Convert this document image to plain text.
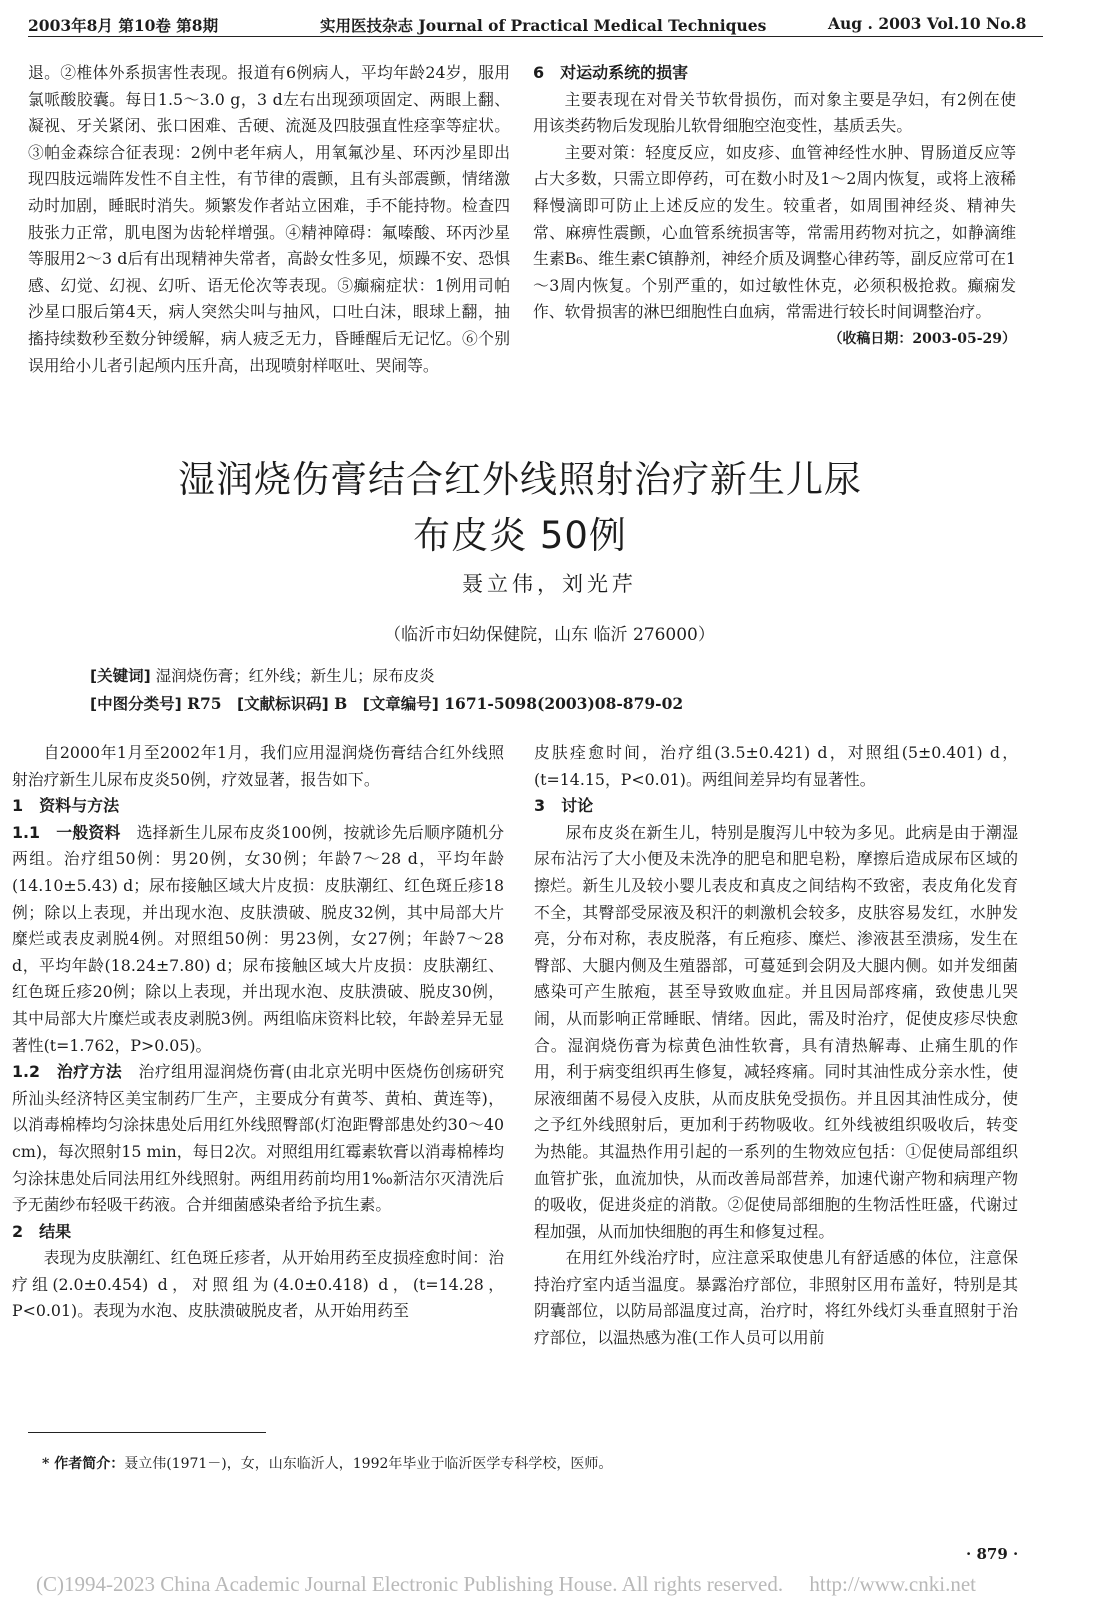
2003年8月 第10卷 第8期	实用医技杂志 Journal of Practical Medical Techniques	Aug . 2003 Vol.10 No.8

退。②椎体外系损害性表现。报道有6例病人，平均年龄24岁，服用氯哌酸胶囊。每日1.5～3.0 g，3 d左右出现颈项固定、两眼上翻、凝视、牙关紧闭、张口困难、舌硬、流涎及四肢强直性痉挛等症状。③帕金森综合征表现：2例中老年病人，用氧氟沙星、环丙沙星即出现四肢远端阵发性不自主性，有节律的震颤，且有头部震颤，情绪激动时加剧，睡眠时消失。频繁发作者站立困难，手不能持物。检查四肢张力正常，肌电图为齿轮样增强。④精神障碍：氟嗪酸、环丙沙星等服用2～3 d后有出现精神失常者，高龄女性多见，烦躁不安、恐惧感、幻觉、幻视、幻听、语无伦次等表现。⑤癫痫症状：1例用司帕沙星口服后第4天，病人突然尖叫与抽风，口吐白沫，眼球上翻，抽搐持续数秒至数分钟缓解，病人疲乏无力，昏睡醒后无记忆。⑥个别误用给小儿者引起颅内压升高，出现喷射样呕吐、哭闹等。

6　对运动系统的损害

主要表现在对骨关节软骨损伤，而对象主要是孕妇，有2例在使用该类药物后发现胎儿软骨细胞空泡变性，基质丢失。

主要对策：轻度反应，如皮疹、血管神经性水肿、胃肠道反应等占大多数，只需立即停药，可在数小时及1～2周内恢复，或将上液稀释慢滴即可防止上述反应的发生。较重者，如周围神经炎、精神失常、麻痹性震颤，心血管系统损害等，常需用药物对抗之，如静滴维生素B₆、维生素C镇静剂，神经介质及调整心律药等，副反应常可在1～3周内恢复。个别严重的，如过敏性休克，必须积极抢救。癫痫发作、软骨损害的淋巴细胞性白血病，常需进行较长时间调整治疗。

（收稿日期：2003-05-29）

湿润烧伤膏结合红外线照射治疗新生儿尿
布皮炎 50例
聂立伟，刘光芹
（临沂市妇幼保健院，山东 临沂 276000）
[关键词] 湿润烧伤膏；红外线；新生儿；尿布皮炎
[中图分类号] R75　[文献标识码] B　[文章编号] 1671-5098(2003)08-879-02

自2000年1月至2002年1月，我们应用湿润烧伤膏结合红外线照射治疗新生儿尿布皮炎50例，疗效显著，报告如下。

1　资料与方法

1.1　一般资料　选择新生儿尿布皮炎100例，按就诊先后顺序随机分两组。治疗组50例：男20例，女30例；年龄7～28 d，平均年龄(14.10±5.43) d；尿布接触区域大片皮损：皮肤潮红、红色斑丘疹18例；除以上表现，并出现水泡、皮肤溃破、脱皮32例，其中局部大片糜烂或表皮剥脱4例。对照组50例：男23例，女27例；年龄7～28 d，平均年龄(18.24±7.80) d；尿布接触区域大片皮损：皮肤潮红、红色斑丘疹20例；除以上表现，并出现水泡、皮肤溃破、脱皮30例，其中局部大片糜烂或表皮剥脱3例。两组临床资料比较，年龄差异无显著性(t=1.762，P>0.05)。

1.2　治疗方法　治疗组用湿润烧伤膏(由北京光明中医烧伤创疡研究所汕头经济特区美宝制药厂生产，主要成分有黄芩、黄柏、黄连等)，以消毒棉棒均匀涂抹患处后用红外线照臀部(灯泡距臀部患处约30～40 cm)，每次照射15 min，每日2次。对照组用红霉素软膏以消毒棉棒均匀涂抹患处后同法用红外线照射。两组用药前均用1‰新洁尔灭清洗后予无菌纱布轻吸干药液。合并细菌感染者给予抗生素。

2　结果

表现为皮肤潮红、红色斑丘疹者，从开始用药至皮损痊愈时间：治疗组(2.0±0.454) d，对照组为(4.0±0.418) d，(t=14.28，P<0.01)。表现为水泡、皮肤溃破脱皮者，从开始用药至

皮肤痊愈时间，治疗组(3.5±0.421) d，对照组(5±0.401) d，(t=14.15，P<0.01)。两组间差异均有显著性。

3　讨论

尿布皮炎在新生儿，特别是腹泻儿中较为多见。此病是由于潮湿尿布沾污了大小便及未洗净的肥皂和肥皂粉，摩擦后造成尿布区域的擦烂。新生儿及较小婴儿表皮和真皮之间结构不致密，表皮角化发育不全，其臀部受尿液及积汗的刺激机会较多，皮肤容易发红，水肿发亮，分布对称，表皮脱落，有丘疱疹、糜烂、渗液甚至溃疡，发生在臀部、大腿内侧及生殖器部，可蔓延到会阴及大腿内侧。如并发细菌感染可产生脓疱，甚至导致败血症。并且因局部疼痛，致使患儿哭闹，从而影响正常睡眠、情绪。因此，需及时治疗，促使皮疹尽快愈合。湿润烧伤膏为棕黄色油性软膏，具有清热解毒、止痛生肌的作用，利于病变组织再生修复，减轻疼痛。同时其油性成分亲水性，使尿液细菌不易侵入皮肤，从而皮肤免受损伤。并且因其油性成分，使之予红外线照射后，更加利于药物吸收。红外线被组织吸收后，转变为热能。其温热作用引起的一系列的生物效应包括：①促使局部组织血管扩张，血流加快，从而改善局部营养，加速代谢产物和病理产物的吸收，促进炎症的消散。②促使局部细胞的生物活性旺盛，代谢过程加强，从而加快细胞的再生和修复过程。

在用红外线治疗时，应注意采取使患儿有舒适感的体位，注意保持治疗室内适当温度。暴露治疗部位，非照射区用布盖好，特别是其阴囊部位，以防局部温度过高，治疗时，将红外线灯头垂直照射于治疗部位，以温热感为准(工作人员可以用前

* 作者简介：聂立伟(1971－)，女，山东临沂人，1992年毕业于临沂医学专科学校，医师。
· 879 ·
(C)1994-2023 China Academic Journal Electronic Publishing House. All rights reserved.　 http://www.cnki.net
